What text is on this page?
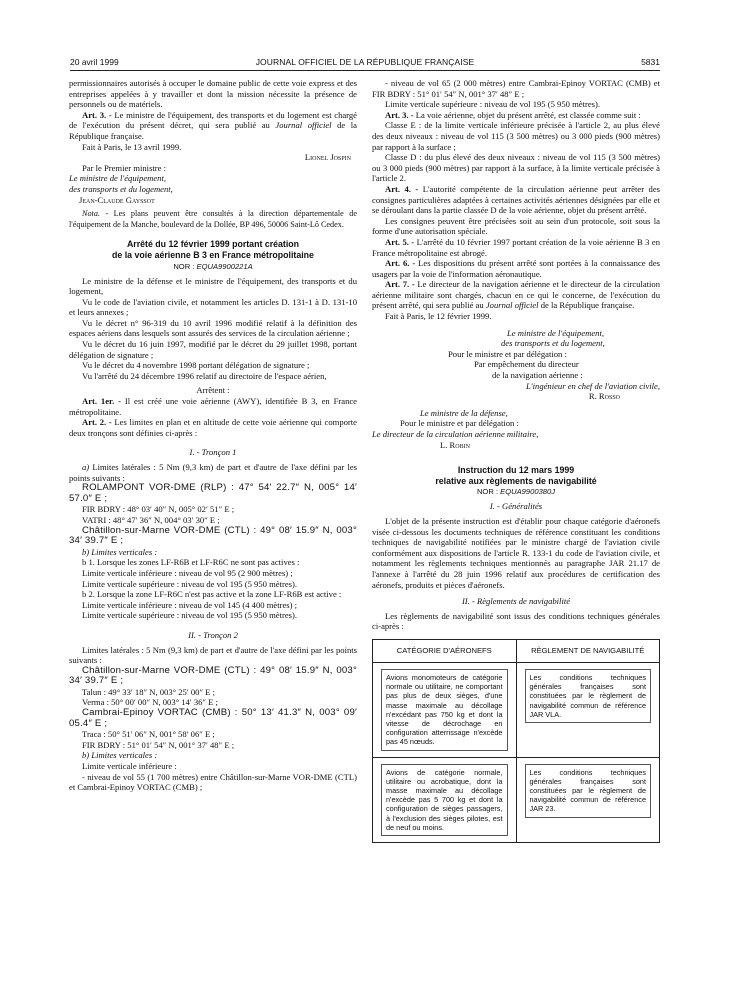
20 avril 1999	JOURNAL OFFICIEL DE LA RÉPUBLIQUE FRANÇAISE	5831

permissionnaires autorisés à occuper le domaine public de cette voie express et des entreprises appelées à y travailler et dont la mission nécessite la présence de personnels ou de matériels.

Art. 3. - Le ministre de l'équipement, des transports et du logement est chargé de l'exécution du présent décret, qui sera publié au Journal officiel de la République française.

Fait à Paris, le 13 avril 1999.

Lionel Jospin

Par le Premier ministre :

Le ministre de l'équipement,

des transports et du logement,

Jean-Claude Gayssot

Nota. - Les plans peuvent être consultés à la direction départementale de l'équipement de la Manche, boulevard de la Dollée, BP 496, 50006 Saint-Lô Cedex.

Arrêté du 12 février 1999 portant création

de la voie aérienne B 3 en France métropolitaine

NOR : EQUA9900221A

Le ministre de la défense et le ministre de l'équipement, des transports et du logement,

Vu le code de l'aviation civile, et notamment les articles D. 131-1 à D. 131-10 et leurs annexes ;

Vu le décret n° 96-319 du 10 avril 1996 modifié relatif à la définition des espaces aériens dans lesquels sont assurés des services de la circulation aérienne ;

Vu le décret du 16 juin 1997, modifié par le décret du 29 juillet 1998, portant délégation de signature ;

Vu le décret du 4 novembre 1998 portant délégation de signature ;

Vu l'arrêté du 24 décembre 1996 relatif au directoire de l'espace aérien,

Arrêtent :

Art. 1er. - Il est créé une voie aérienne (AWY), identifiée B 3, en France métropolitaine.

Art. 2. - Les limites en plan et en altitude de cette voie aérienne qui comporte deux tronçons sont définies ci-après :

I. - Tronçon 1

a) Limites latérales : 5 Nm (9,3 km) de part et d'autre de l'axe défini par les points suivants :

ROLAMPONT VOR-DME (RLP) : 47° 54′ 22.7″ N, 005° 14′ 57.0″ E ;

FIR BDRY : 48° 03′ 40″ N, 005° 02′ 51″ E ;

VATRI : 48° 47′ 36″ N, 004° 03′ 30″ E ;

Châtillon-sur-Marne VOR-DME (CTL) : 49° 08′ 15.9″ N, 003° 34′ 39.7″ E ;

b) Limites verticales :

b 1. Lorsque les zones LF-R6B et LF-R6C ne sont pas actives :

Limite verticale inférieure : niveau de vol 95 (2 900 mètres) ;

Limite verticale supérieure : niveau de vol 195 (5 950 mètres).

b 2. Lorsque la zone LF-R6C n'est pas active et la zone LF-R6B est active :

Limite verticale inférieure : niveau de vol 145 (4 400 mètres) ;

Limite verticale supérieure : niveau de vol 195 (5 950 mètres).

II. - Tronçon 2

Limites latérales : 5 Nm (9,3 km) de part et d'autre de l'axe défini par les points suivants :

Châtillon-sur-Marne VOR-DME (CTL) : 49° 08′ 15.9″ N, 003° 34′ 39.7″ E ;

Talun : 49° 33′ 18″ N, 003° 25′ 00″ E ;

Verma : 50° 00′ 00″ N, 003° 14′ 36″ E ;

Cambrai-Epinoy VORTAC (CMB) : 50° 13′ 41.3″ N, 003° 09′ 05.4″ E ;

Traca : 50° 51′ 06″ N, 001° 58′ 06″ E ;

FIR BDRY : 51° 01′ 54″ N, 001° 37′ 48″ E ;

b) Limites verticales :

Limite verticale inférieure :

- niveau de vol 55 (1 700 mètres) entre Châtillon-sur-Marne VOR-DME (CTL) et Cambrai-Epinoy VORTAC (CMB) ;

- niveau de vol 65 (2 000 mètres) entre Cambrai-Epinoy VORTAC (CMB) et FIR BDRY : 51° 01′ 54″ N, 001° 37′ 48″ E ;

Limite verticale supérieure : niveau de vol 195 (5 950 mètres).

Art. 3. - La voie aérienne, objet du présent arrêté, est classée comme suit :

Classe E : de la limite verticale inférieure précisée à l'article 2, au plus élevé des deux niveaux : niveau de vol 115 (3 500 mètres) ou 3 000 pieds (900 mètres) par rapport à la surface ;

Classe D : du plus élevé des deux niveaux : niveau de vol 115 (3 500 mètres) ou 3 000 pieds (900 mètres) par rapport à la surface, à la limite verticale précisée à l'article 2.

Art. 4. - L'autorité compétente de la circulation aérienne peut arrêter des consignes particulières adaptées à certaines activités aériennes désignées par elle et se déroulant dans la partie classée D de la voie aérienne, objet du présent arrêté.

Les consignes peuvent être précisées soit au sein d'un protocole, soit sous la forme d'une autorisation spéciale.

Art. 5. - L'arrêté du 10 février 1997 portant création de la voie aérienne B 3 en France métropolitaine est abrogé.

Art. 6. - Les dispositions du présent arrêté sont portées à la connaissance des usagers par la voie de l'information aéronautique.

Art. 7. - Le directeur de la navigation aérienne et le directeur de la circulation aérienne militaire sont chargés, chacun en ce qui le concerne, de l'exécution du présent arrêté, qui sera publié au Journal officiel de la République française.

Fait à Paris, le 12 février 1999.

Le ministre de l'équipement,

des transports et du logement,

Pour le ministre et par délégation :

Par empêchement du directeur

de la navigation aérienne :

L'ingénieur en chef de l'aviation civile,

R. Rosso

Le ministre de la défense,

Pour le ministre et par délégation :

Le directeur de la circulation aérienne militaire,

L. Robin

Instruction du 12 mars 1999

relative aux règlements de navigabilité

NOR : EQUA9900380J

I. - Généralités

L'objet de la présente instruction est d'établir pour chaque catégorie d'aéronefs visée ci-dessous les documents techniques de référence constituant les conditions techniques de navigabilité notifiées par le ministre chargé de l'aviation civile conformément aux dispositions de l'article R. 133-1 du code de l'aviation civile, et notamment les règlements techniques mentionnés au paragraphe JAR 21.17 de l'annexe à l'arrêté du 28 juin 1996 relatif aux procédures de certification des aéronefs, produits et pièces d'aéronefs.

II. - Règlements de navigabilité

Les règlements de navigabilité sont issus des conditions techniques générales ci-après :

CATÉGORIE D'AÉRONEFS	RÈGLEMENT DE NAVIGABILITÉ

Avions monomoteurs de catégorie normale ou utilitaire, ne comportant pas plus de deux sièges, d'une masse maximale au décollage n'excédant pas 750 kg et dont la vitesse de décrochage en configuration atterrissage n'excède pas 45 nœuds.	Les conditions techniques générales françaises sont constituées par le règlement de navigabilité commun de référence JAR VLA.

Avions de catégorie normale, utilitaire ou acrobatique, dont la masse maximale au décollage n'excède pas 5 700 kg et dont la configuration de sièges passagers, à l'exclusion des sièges pilotes, est de neuf ou moins.	Les conditions techniques générales françaises sont constituées par le règlement de navigabilité commun de référence JAR 23.
